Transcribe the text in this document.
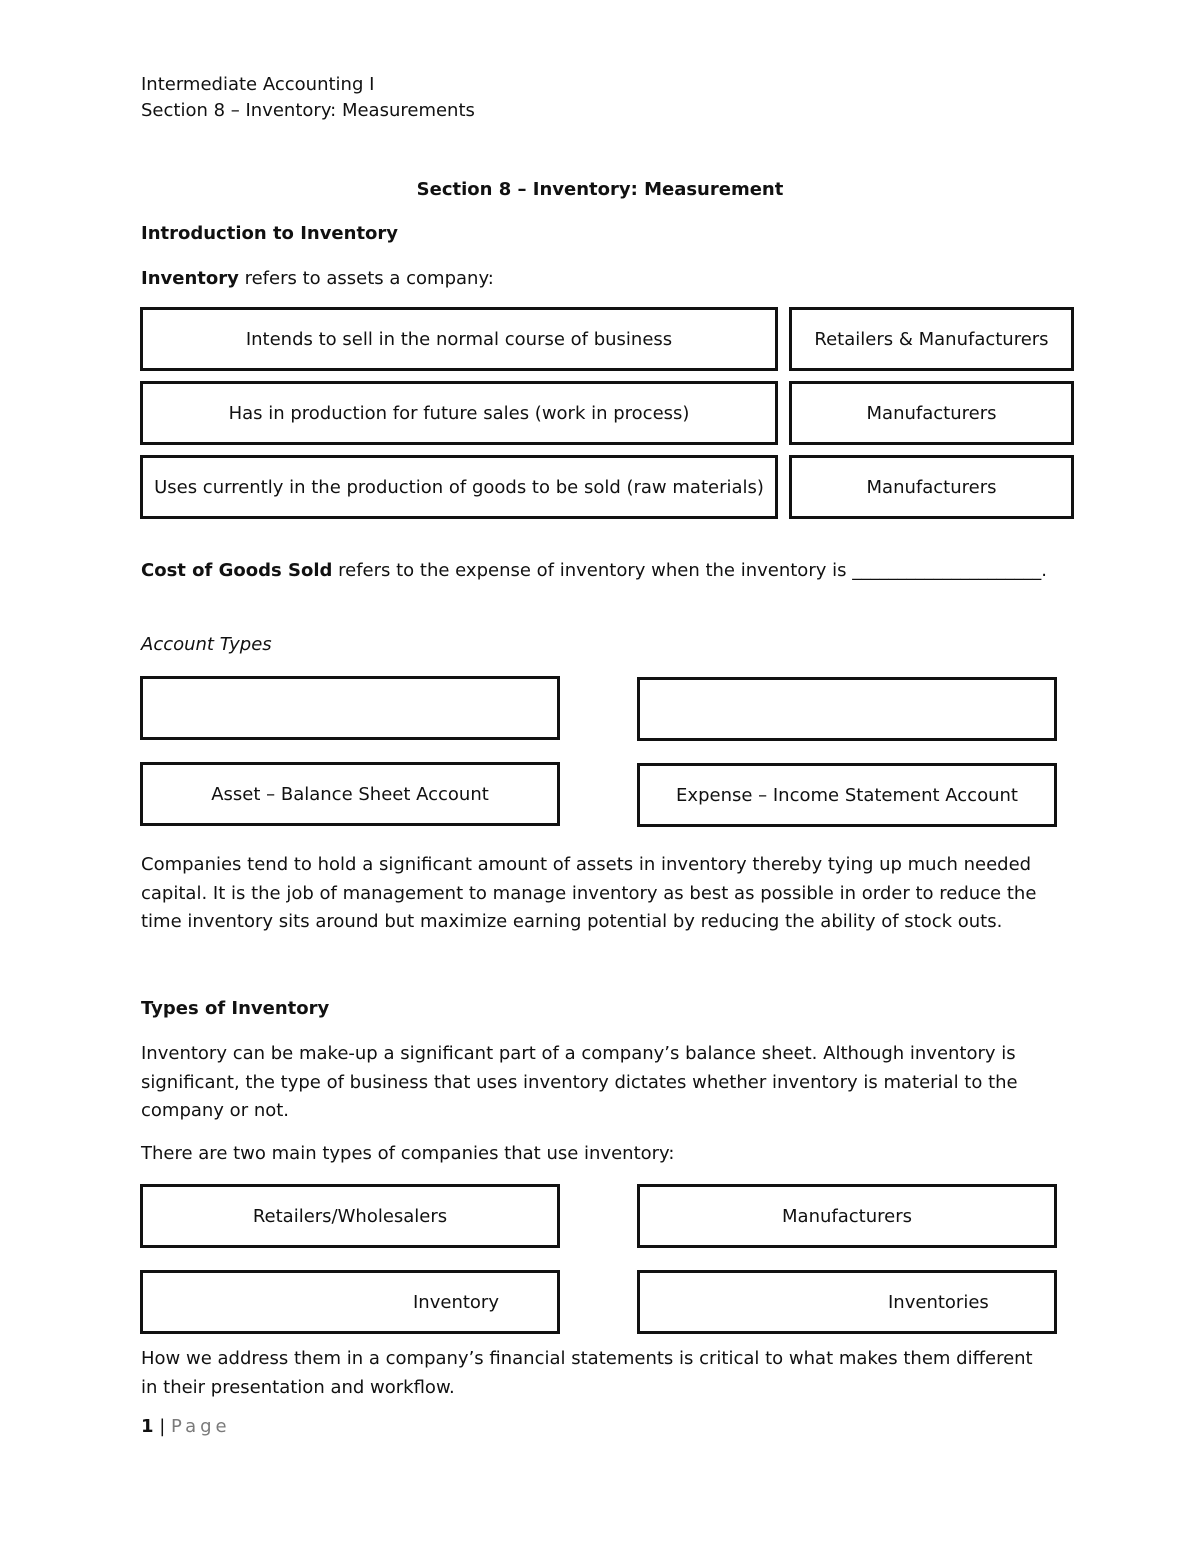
Intermediate Accounting I
Section 8 – Inventory: Measurements
Section 8 – Inventory: Measurement
Introduction to Inventory
Inventory refers to assets a company:
Intends to sell in the normal course of business	Retailers & Manufacturers
Has in production for future sales (work in process)	Manufacturers
Uses currently in the production of goods to be sold (raw materials)	Manufacturers
Cost of Goods Sold refers to the expense of inventory when the inventory is _____________________.
Account Types
Asset – Balance Sheet Account	Expense – Income Statement Account
Companies tend to hold a significant amount of assets in inventory thereby tying up much needed capital. It is the job of management to manage inventory as best as possible in order to reduce the time inventory sits around but maximize earning potential by reducing the ability of stock outs.
Types of Inventory
Inventory can be make-up a significant part of a company’s balance sheet. Although inventory is significant, the type of business that uses inventory dictates whether inventory is material to the company or not.
There are two main types of companies that use inventory:
Retailers/Wholesalers	Manufacturers
Inventory	Inventories
How we address them in a company’s financial statements is critical to what makes them different in their presentation and workflow.
1 | Page
